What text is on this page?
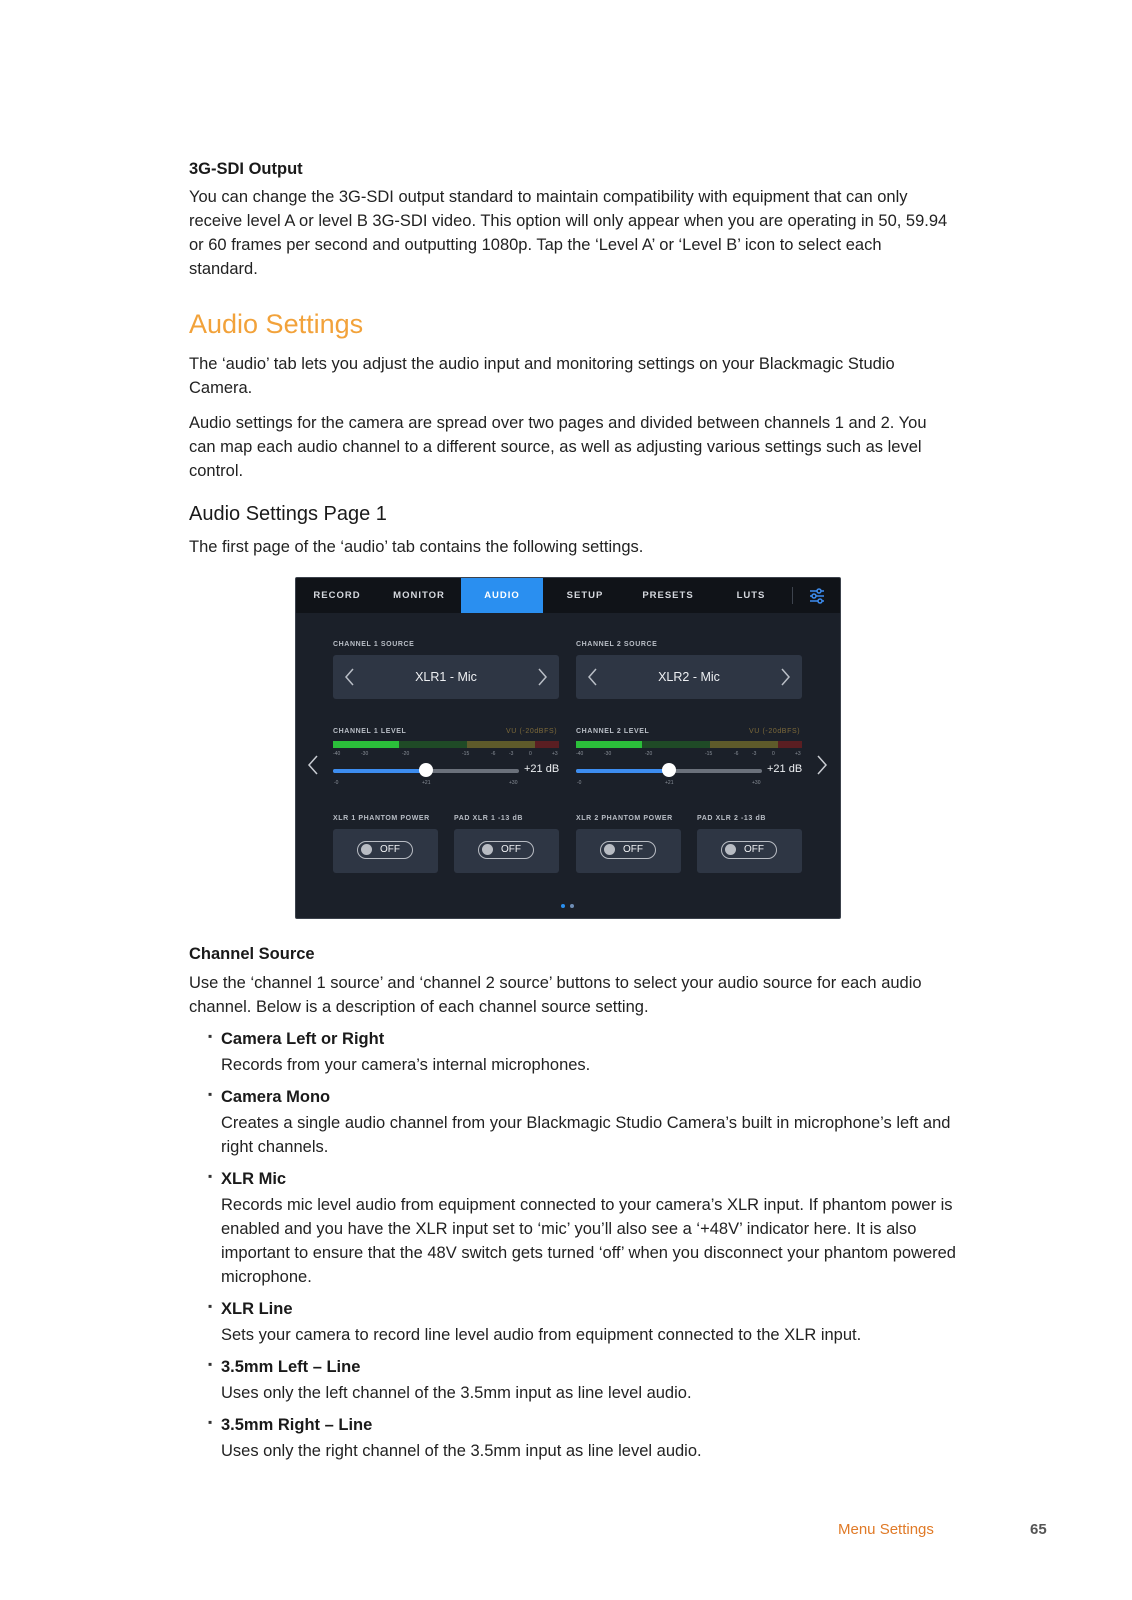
3G-SDI Output

You can change the 3G-SDI output standard to maintain compatibility with equipment that can only receive level A or level B 3G-SDI video. This option will only appear when you are operating in 50, 59.94 or 60 frames per second and outputting 1080p. Tap the ‘Level A’ or ‘Level B’ icon to select each standard.

Audio Settings

The ‘audio’ tab lets you adjust the audio input and monitoring settings on your Blackmagic Studio Camera.

Audio settings for the camera are spread over two pages and divided between channels 1 and 2. You can map each audio channel to a different source, as well as adjusting various settings such as level control.

Audio Settings Page 1

The first page of the ‘audio’ tab contains the following settings.

RECORD	MONITOR	AUDIO	SETUP	PRESETS	LUTS
CHANNEL 1 SOURCE	CHANNEL 2 SOURCE
XLR1 - Mic	XLR2 - Mic
CHANNEL 1 LEVEL	VU (-20dBFS)	CHANNEL 2 LEVEL	VU (-20dBFS)
-40	-30	-20	-15	-6	-3	0	+3	-40	-30	-20	-15	-6	-3	0	+3
+21 dB	+21 dB
-0	+21	+30	-0	+21	+30
XLR 1 PHANTOM POWER	PAD XLR 1 -13 dB	XLR 2 PHANTOM POWER	PAD XLR 2 -13 dB
OFF	OFF	OFF	OFF
Channel Source

Use the ‘channel 1 source’ and ‘channel 2 source’ buttons to select your audio source for each audio channel. Below is a description of each channel source setting.

▪ Camera Left or Right

Records from your camera’s internal microphones.

▪ Camera Mono

Creates a single audio channel from your Blackmagic Studio Camera’s built in microphone’s left and right channels.

▪ XLR Mic

Records mic level audio from equipment connected to your camera’s XLR input. If phantom power is enabled and you have the XLR input set to ‘mic’ you’ll also see a ‘+48V’ indicator here. It is also important to ensure that the 48V switch gets turned ‘off’ when you disconnect your phantom powered microphone.

▪ XLR Line

Sets your camera to record line level audio from equipment connected to the XLR input.

▪ 3.5mm Left – Line

Uses only the left channel of the 3.5mm input as line level audio.

▪ 3.5mm Right – Line

Uses only the right channel of the 3.5mm input as line level audio.

Menu Settings	65
